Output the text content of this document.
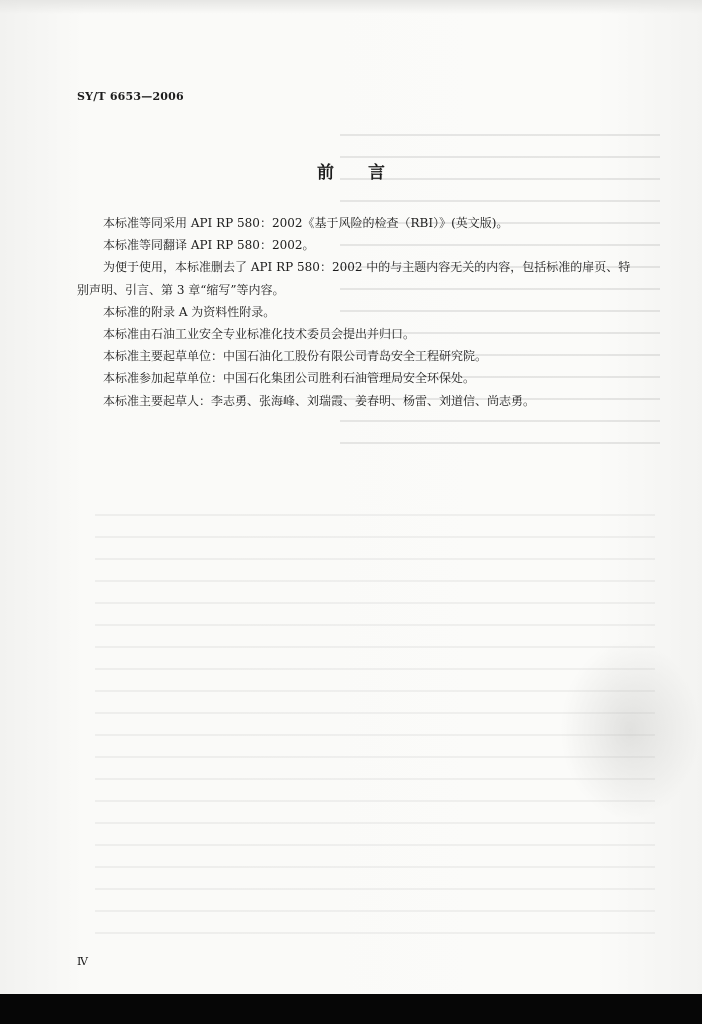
SY/T 6653—2006
前言

本标准等同采用 API RP 580：2002《基于风险的检查（RBI）》(英文版)。

本标准等同翻译 API RP 580：2002。

为便于使用，本标准删去了 API RP 580：2002 中的与主题内容无关的内容，包括标准的扉页、特别声明、引言、第 3 章“缩写”等内容。

本标准的附录 A 为资料性附录。

本标准由石油工业安全专业标准化技术委员会提出并归口。

本标准主要起草单位：中国石油化工股份有限公司青岛安全工程研究院。

本标准参加起草单位：中国石化集团公司胜利石油管理局安全环保处。

本标准主要起草人：李志勇、张海峰、刘瑞霞、姜春明、杨雷、刘道信、尚志勇。

Ⅳ
